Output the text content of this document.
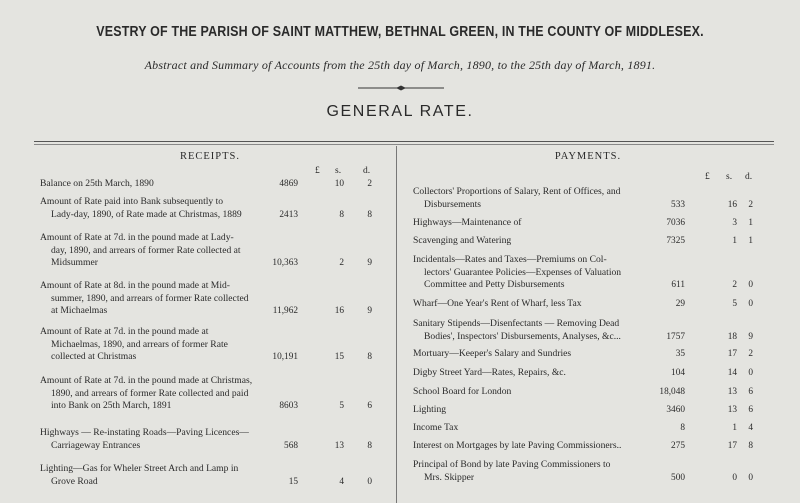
VESTRY OF THE PARISH OF SAINT MATTHEW, BETHNAL GREEN, IN THE COUNTY OF MIDDLESEX.
Abstract and Summary of Accounts from the 25th day of March, 1890, to the 25th day of March, 1891.
GENERAL RATE.
RECEIPTS.
£ s. d.
Balance on 25th March, 1890	4869	10	2
Amount of Rate paid into Bank subsequently to
Lady-day, 1890, of Rate made at Christmas, 1889	2413	8	8
Amount of Rate at 7d. in the pound made at Lady-
day, 1890, and arrears of former Rate collected at
Midsummer	10,363	2	9
Amount of Rate at 8d. in the pound made at Mid-
summer, 1890, and arrears of former Rate collected
at Michaelmas	11,962	16	9
Amount of Rate at 7d. in the pound made at
Michaelmas, 1890, and arrears of former Rate
collected at Christmas	10,191	15	8
Amount of Rate at 7d. in the pound made at Christmas,
1890, and arrears of former Rate collected and paid
into Bank on 25th March, 1891	8603	5	6
Highways — Re-instating Roads—Paving Licences—
Carriageway Entrances	568	13	8
Lighting—Gas for Wheler Street Arch and Lamp in
Grove Road	15	4	0
PAYMENTS.
£ s. d.
Collectors' Proportions of Salary, Rent of Offices, and
Disbursements	533	16	2
Highways—Maintenance of	7036	3	1
Scavenging and Watering	7325	1	1
Incidentals—Rates and Taxes—Premiums on Col-
lectors' Guarantee Policies—Expenses of Valuation
Committee and Petty Disbursements	611	2	0
Wharf—One Year's Rent of Wharf, less Tax	29	5	0
Sanitary Stipends—Disenfectants — Removing Dead
Bodies', Inspectors' Disbursements, Analyses, &c...	1757	18	9
Mortuary—Keeper's Salary and Sundries	35	17	2
Digby Street Yard—Rates, Repairs, &c.	104	14	0
School Board for London	18,048	13	6
Lighting	3460	13	6
Income Tax	8	1	4
Interest on Mortgages by late Paving Commissioners..	275	17	8
Principal of Bond by late Paving Commissioners to
Mrs. Skipper	500	0	0
